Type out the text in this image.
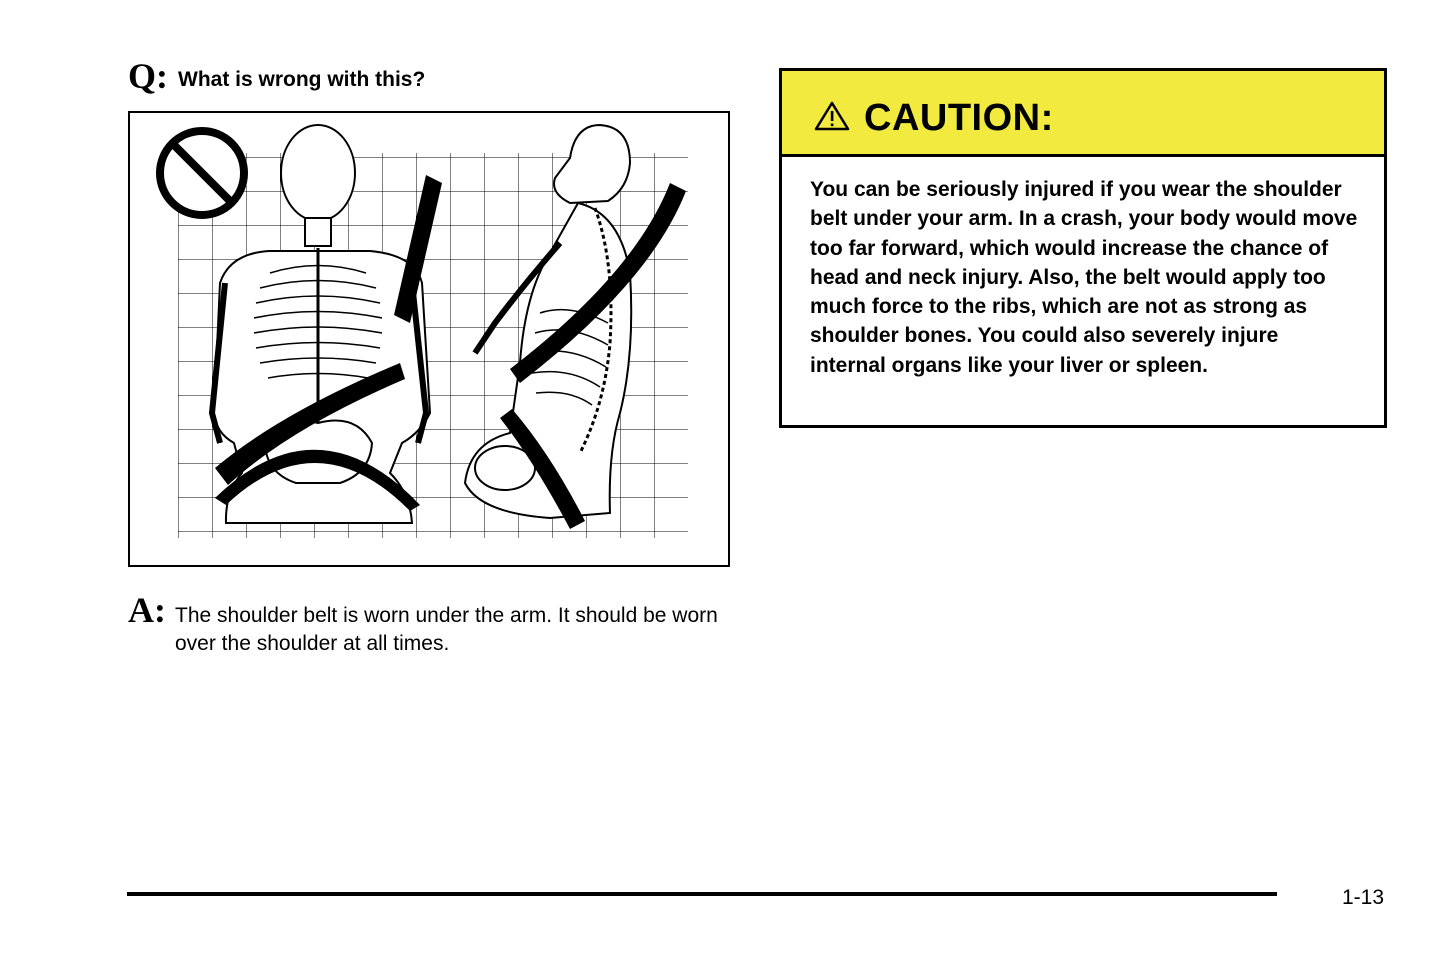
Q: What is wrong with this?
A: The shoulder belt is worn under the arm. It should be worn over the shoulder at all times.
CAUTION:
You can be seriously injured if you wear the shoulder belt under your arm. In a crash, your body would move too far forward, which would increase the chance of head and neck injury. Also, the belt would apply too much force to the ribs, which are not as strong as shoulder bones. You could also severely injure internal organs like your liver or spleen.
1-13
